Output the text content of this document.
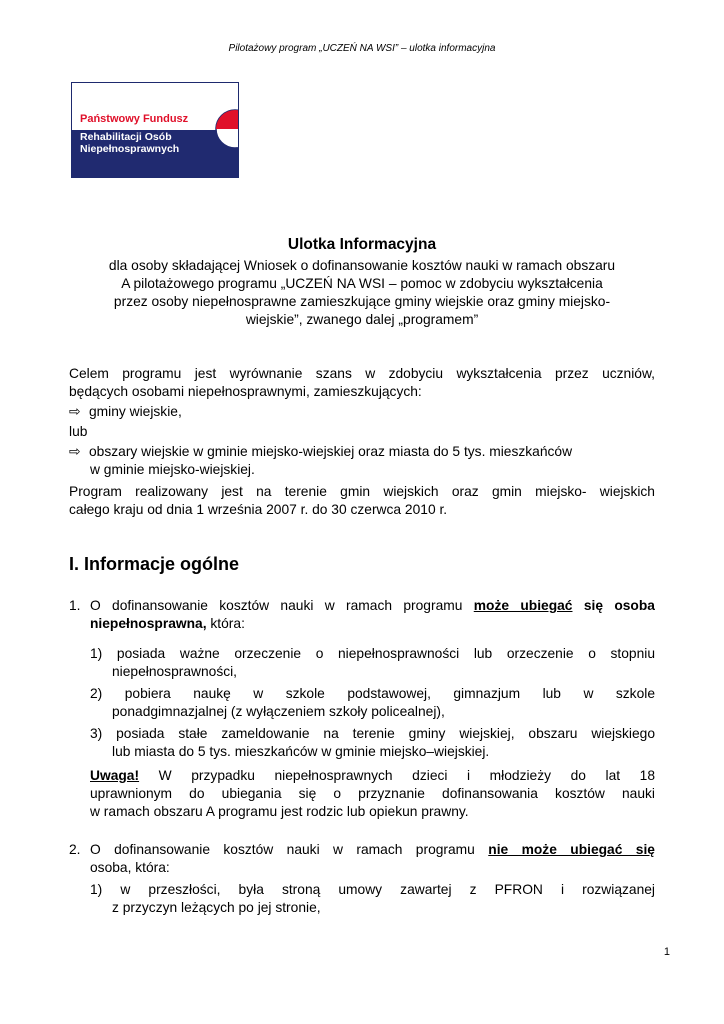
Pilotażowy program „UCZEŃ NA WSI” – ulotka informacyjna
Państwowy Fundusz
Rehabilitacji Osób
Niepełnosprawnych
Ulotka Informacyjna
dla osoby składającej Wniosek o dofinansowanie kosztów nauki w ramach obszaru
A pilotażowego programu „UCZEŃ NA WSI – pomoc w zdobyciu wykształcenia
przez osoby niepełnosprawne zamieszkujące gminy wiejskie oraz gminy miejsko-
wiejskie”, zwanego dalej „programem”
Celem programu jest wyrównanie szans w zdobyciu wykształcenia przez uczniów,
będących osobami niepełnosprawnymi, zamieszkujących:
⇨ gminy wiejskie,
lub
⇨ obszary wiejskie w gminie miejsko-wiejskiej oraz miasta do 5 tys. mieszkańców
w gminie miejsko-wiejskiej.
Program realizowany jest na terenie gmin wiejskich oraz gmin miejsko- wiejskich
całego kraju od dnia 1 września 2007 r. do 30 czerwca 2010 r.
I. Informacje ogólne
1. O dofinansowanie kosztów nauki w ramach programu może ubiegać się osoba
niepełnosprawna, która:
1) posiada ważne orzeczenie o niepełnosprawności lub orzeczenie o stopniu
niepełnosprawności,
2) pobiera naukę w szkole podstawowej, gimnazjum lub w szkole
ponadgimnazjalnej (z wyłączeniem szkoły policealnej),
3) posiada stałe zameldowanie na terenie gminy wiejskiej, obszaru wiejskiego
lub miasta do 5 tys. mieszkańców w gminie miejsko–wiejskiej.
Uwaga! W przypadku niepełnosprawnych dzieci i młodzieży do lat 18
uprawnionym do ubiegania się o przyznanie dofinansowania kosztów nauki
w ramach obszaru A programu jest rodzic lub opiekun prawny.
2. O dofinansowanie kosztów nauki w ramach programu nie może ubiegać się
osoba, która:
1) w przeszłości, była stroną umowy zawartej z PFRON i rozwiązanej
z przyczyn leżących po jej stronie,
1
